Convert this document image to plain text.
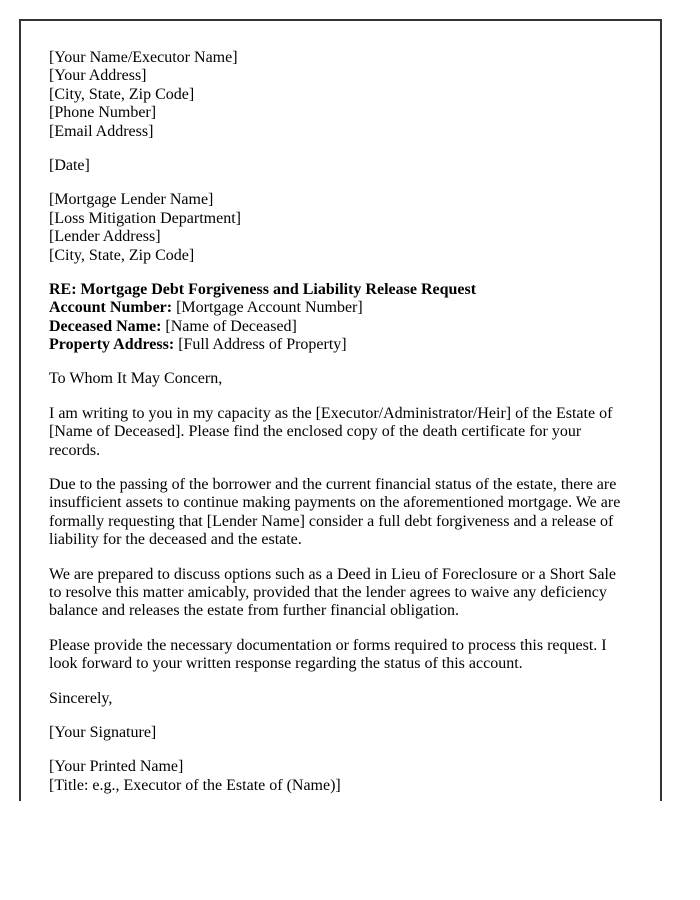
[Your Name/Executor Name]
[Your Address]
[City, State, Zip Code]
[Phone Number]
[Email Address]

[Date]

[Mortgage Lender Name]
[Loss Mitigation Department]
[Lender Address]
[City, State, Zip Code]

RE: Mortgage Debt Forgiveness and Liability Release Request
Account Number: [Mortgage Account Number]
Deceased Name: [Name of Deceased]
Property Address: [Full Address of Property]

To Whom It May Concern,

I am writing to you in my capacity as the [Executor/Administrator/Heir] of the Estate of [Name of Deceased]. Please find the enclosed copy of the death certificate for your records.

Due to the passing of the borrower and the current financial status of the estate, there are insufficient assets to continue making payments on the aforementioned mortgage. We are formally requesting that [Lender Name] consider a full debt forgiveness and a release of liability for the deceased and the estate.

We are prepared to discuss options such as a Deed in Lieu of Foreclosure or a Short Sale to resolve this matter amicably, provided that the lender agrees to waive any deficiency balance and releases the estate from further financial obligation.

Please provide the necessary documentation or forms required to process this request. I look forward to your written response regarding the status of this account.

Sincerely,

[Your Signature]

[Your Printed Name]
[Title: e.g., Executor of the Estate of (Name)]
